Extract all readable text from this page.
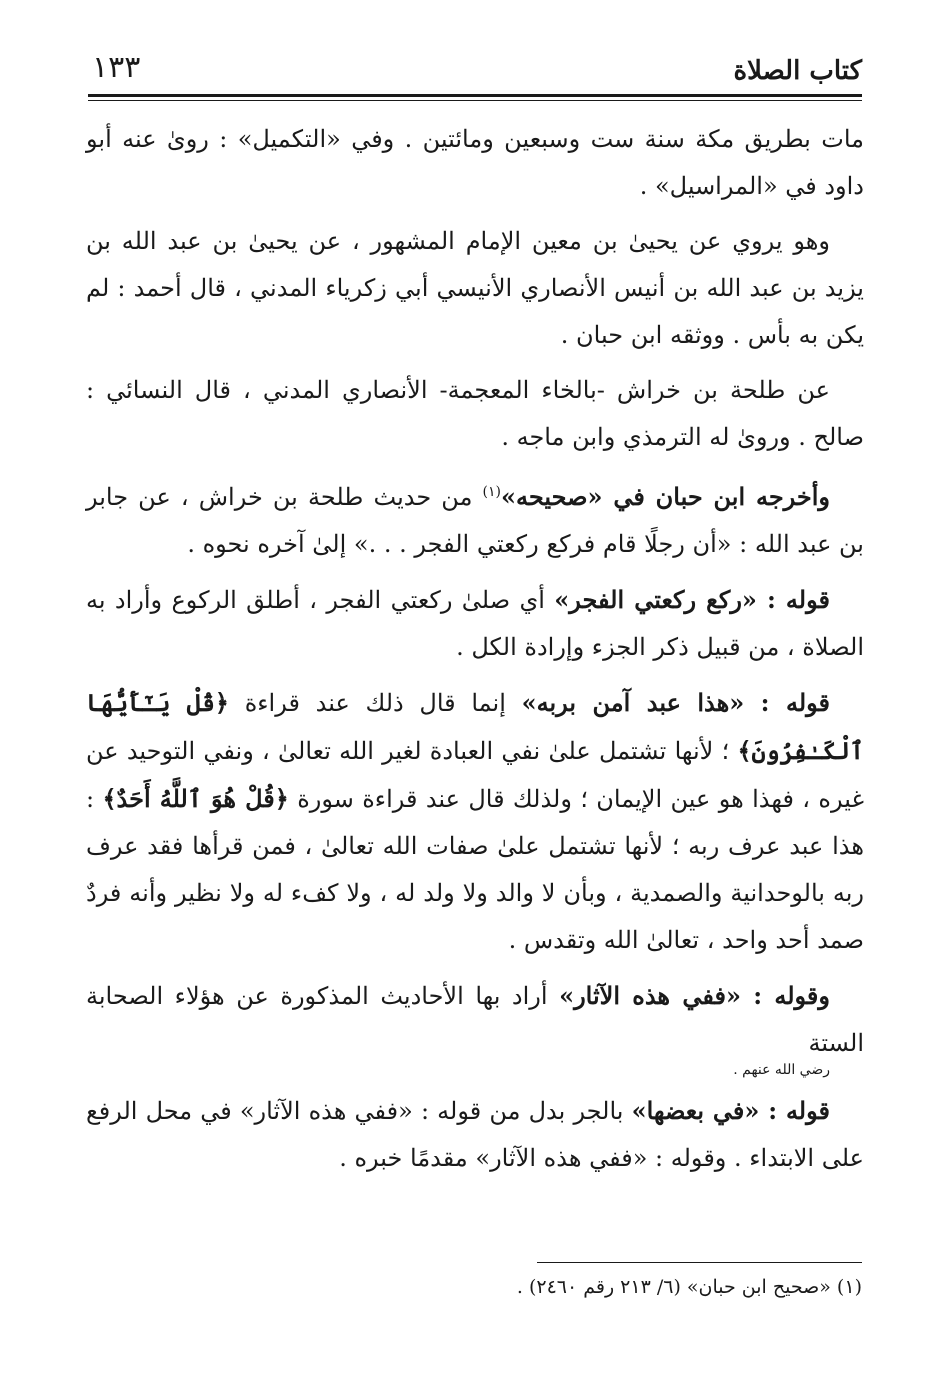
كتاب الصلاة
١٣٣

مات بطريق مكة سنة ست وسبعين ومائتين . وفي «التكميل» : روىٰ عنه أبو داود في «المراسيل» .

وهو يروي عن يحيىٰ بن معين الإمام المشهور ، عن يحيىٰ بن عبد الله بن يزيد بن عبد الله بن أنيس الأنصاري الأنيسي أبي زكرياء المدني ، قال أحمد : لم يكن به بأس . ووثقه ابن حبان .

عن طلحة بن خراش -بالخاء المعجمة- الأنصاري المدني ، قال النسائي : صالح . وروىٰ له الترمذي وابن ماجه .

وأخرجه ابن حبان في «صحيحه»$^{(١)}$ من حديث طلحة بن خراش ، عن جابر بن عبد الله : «أن رجلًا قام فركع ركعتي الفجر . . .» إلىٰ آخره نحوه .

قوله : «ركع ركعتي الفجر» أي صلىٰ ركعتي الفجر ، أطلق الركوع وأراد به الصلاة ، من قبيل ذكر الجزء وإرادة الكل .

قوله : «هذا عبد آمن بربه» إنما قال ذلك عند قراءة ﴿قُلْ يَـٰٓأَيُّهَا ٱلْكَـٰفِرُونَ﴾ ؛ لأنها تشتمل علىٰ نفي العبادة لغير الله تعالىٰ ، ونفي التوحيد عن غيره ، فهذا هو عين الإيمان ؛ ولذلك قال عند قراءة سورة ﴿قُلْ هُوَ ٱللَّهُ أَحَدٌ﴾ : هذا عبد عرف ربه ؛ لأنها تشتمل علىٰ صفات الله تعالىٰ ، فمن قرأها فقد عرف ربه بالوحدانية والصمدية ، وبأن لا والد ولا ولد له ، ولا كفء له ولا نظير وأنه فردٌ صمد أحد واحد ، تعالىٰ الله وتقدس .

وقوله : «ففي هذه الآثار» أراد بها الأحاديث المذكورة عن هؤلاء الصحابة الستة
رضي الله عنهم .

قوله : «في بعضها» بالجر بدل من قوله : «ففي هذه الآثار» في محل الرفع على الابتداء . وقوله : «ففي هذه الآثار» مقدمًا خبره .

(١) «صحيح ابن حبان» (٦/ ٢١٣ رقم ٢٤٦٠) .
